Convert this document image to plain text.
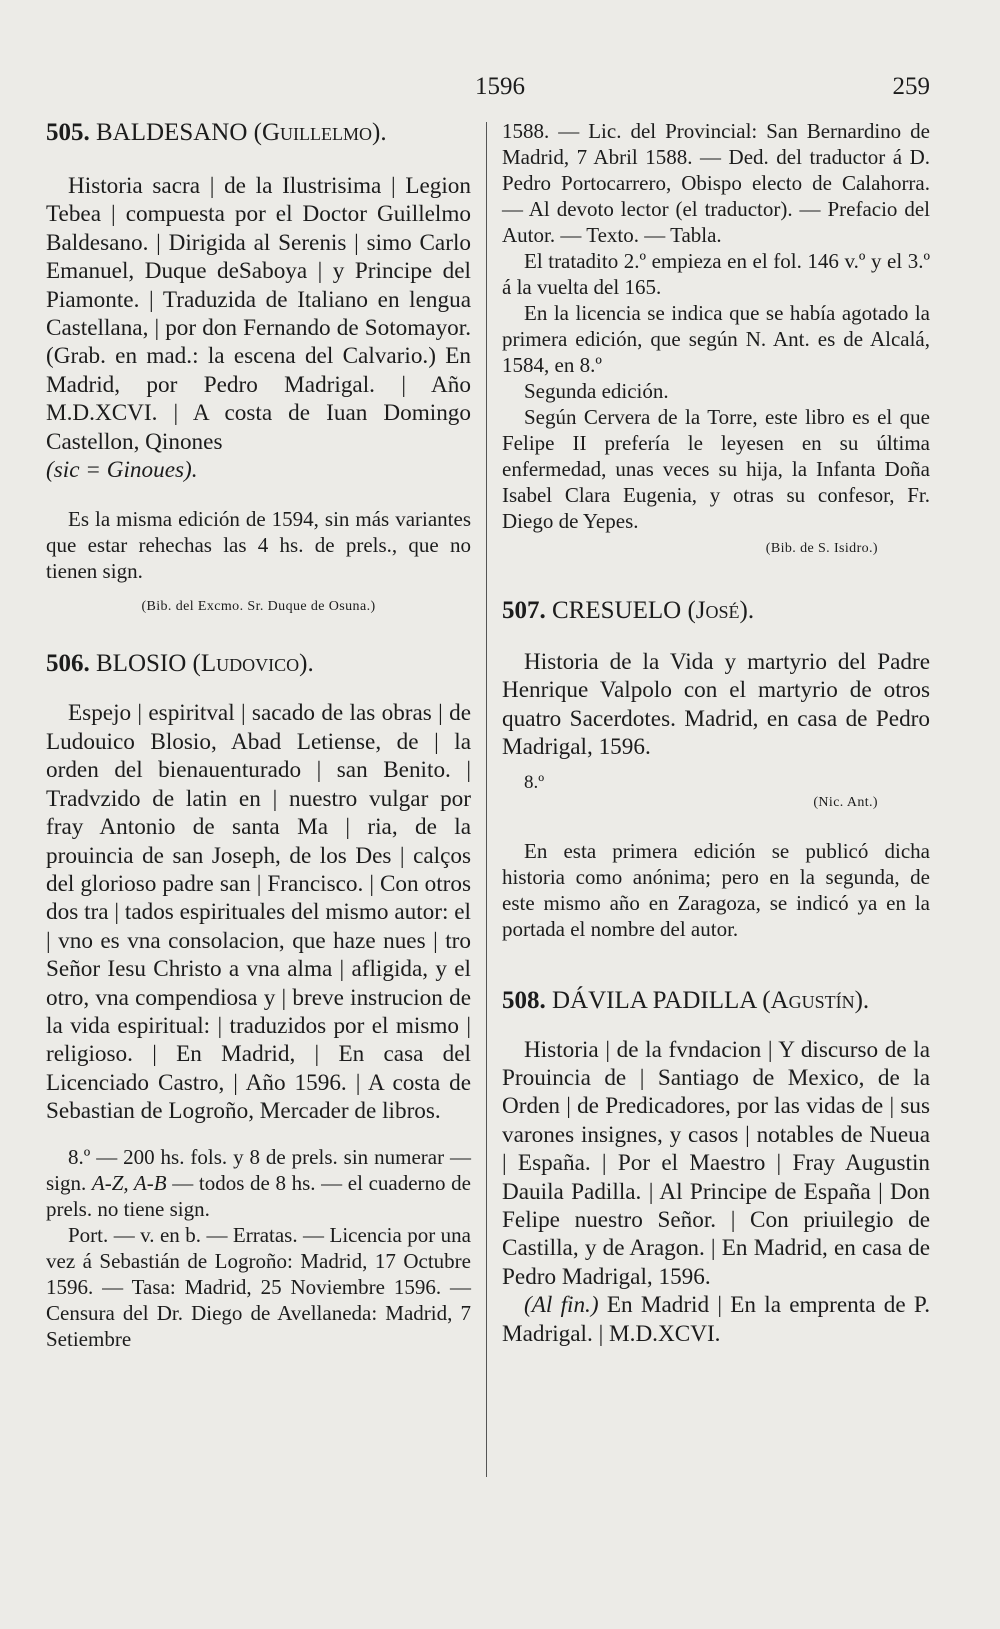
1596	259

505. BALDESANO (Guillelmo).

Historia sacra | de la Ilustrisima | Legion Tebea | compuesta por el Doctor Guillelmo Baldesano. | Dirigida al Serenis | simo Carlo Emanuel, Duque deSaboya | y Principe del Piamonte. | Traduzida de Italiano en lengua Castellana, | por don Fernando de Sotomayor. (Grab. en mad.: la escena del Calvario.) En Madrid, por Pedro Madrigal. | Año M.D.XCVI. | A costa de Iuan Domingo Castellon, Qinones

(sic = Ginoues).

Es la misma edición de 1594, sin más variantes que estar rehechas las 4 hs. de prels., que no tienen sign.

(Bib. del Excmo. Sr. Duque de Osuna.)

506. BLOSIO (Ludovico).

Espejo | espiritval | sacado de las obras | de Ludouico Blosio, Abad Letiense, de | la orden del bienauenturado | san Benito. | Tradvzido de latin en | nuestro vulgar por fray Antonio de santa Ma | ria, de la prouincia de san Joseph, de los Des | calços del glorioso padre san | Francisco. | Con otros dos tra | tados espirituales del mismo autor: el | vno es vna consolacion, que haze nues | tro Señor Iesu Christo a vna alma | afligida, y el otro, vna compendiosa y | breve instrucion de la vida espiritual: | traduzidos por el mismo | religioso. | En Madrid, | En casa del Licenciado Castro, | Año 1596. | A costa de Sebastian de Logroño, Mercader de libros.

8.º — 200 hs. fols. y 8 de prels. sin numerar — sign. A-Z, A-B — todos de 8 hs. — el cuaderno de prels. no tiene sign.

Port. — v. en b. — Erratas. — Licencia por una vez á Sebastián de Logroño: Madrid, 17 Octubre 1596. — Tasa: Madrid, 25 Noviembre 1596. — Censura del Dr. Diego de Avellaneda: Madrid, 7 Setiembre

1588. — Lic. del Provincial: San Bernardino de Madrid, 7 Abril 1588. — Ded. del traductor á D. Pedro Portocarrero, Obispo electo de Calahorra. — Al devoto lector (el traductor). — Prefacio del Autor. — Texto. — Tabla.

El tratadito 2.º empieza en el fol. 146 v.º y el 3.º á la vuelta del 165.

En la licencia se indica que se había agotado la primera edición, que según N. Ant. es de Alcalá, 1584, en 8.º

Segunda edición.

Según Cervera de la Torre, este libro es el que Felipe II prefería le leyesen en su última enfermedad, unas veces su hija, la Infanta Doña Isabel Clara Eugenia, y otras su confesor, Fr. Diego de Yepes.

(Bib. de S. Isidro.)

507. CRESUELO (José).

Historia de la Vida y martyrio del Padre Henrique Valpolo con el martyrio de otros quatro Sacerdotes. Madrid, en casa de Pedro Madrigal, 1596.

8.º

(Nic. Ant.)

En esta primera edición se publicó dicha historia como anónima; pero en la segunda, de este mismo año en Zaragoza, se indicó ya en la portada el nombre del autor.

508. DÁVILA PADILLA (Agustín).

Historia | de la fvndacion | Y discurso de la Prouincia de | Santiago de Mexico, de la Orden | de Predicadores, por las vidas de | sus varones insignes, y casos | notables de Nueua | España. | Por el Maestro | Fray Augustin Dauila Padilla. | Al Principe de España | Don Felipe nuestro Señor. | Con priuilegio de Castilla, y de Aragon. | En Madrid, en casa de Pedro Madrigal, 1596.

(Al fin.) En Madrid | En la emprenta de P. Madrigal. | M.D.XCVI.
